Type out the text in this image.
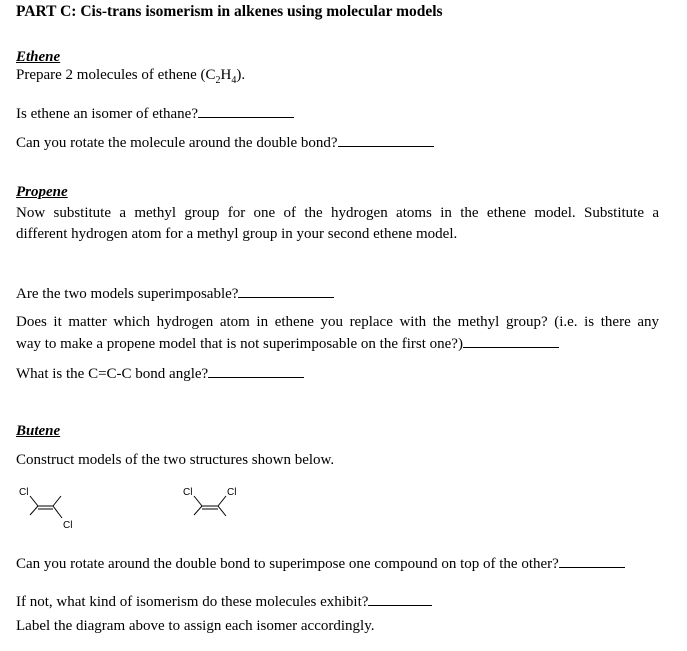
PART C: Cis-trans isomerism in alkenes using molecular models
Ethene
Prepare 2 molecules of ethene $(C_2H_4)$.
Is ethene an isomer of ethane?
Can you rotate the molecule around the double bond?
Propene
Now substitute a methyl group for one of the hydrogen atoms in the ethene model. Substitute a
different hydrogen atom for a methyl group in your second ethene model.
Are the two models superimposable?
Does it matter which hydrogen atom in ethene you replace with the methyl group? (i.e. is there any
way to make a propene model that is not superimposable on the first one?)
What is the C=C-C bond angle?
Butene
Construct models of the two structures shown below.
Cl
Cl
Cl	Cl
Can you rotate around the double bond to superimpose one compound on top of the other?
If not, what kind of isomerism do these molecules exhibit?
Label the diagram above to assign each isomer accordingly.
